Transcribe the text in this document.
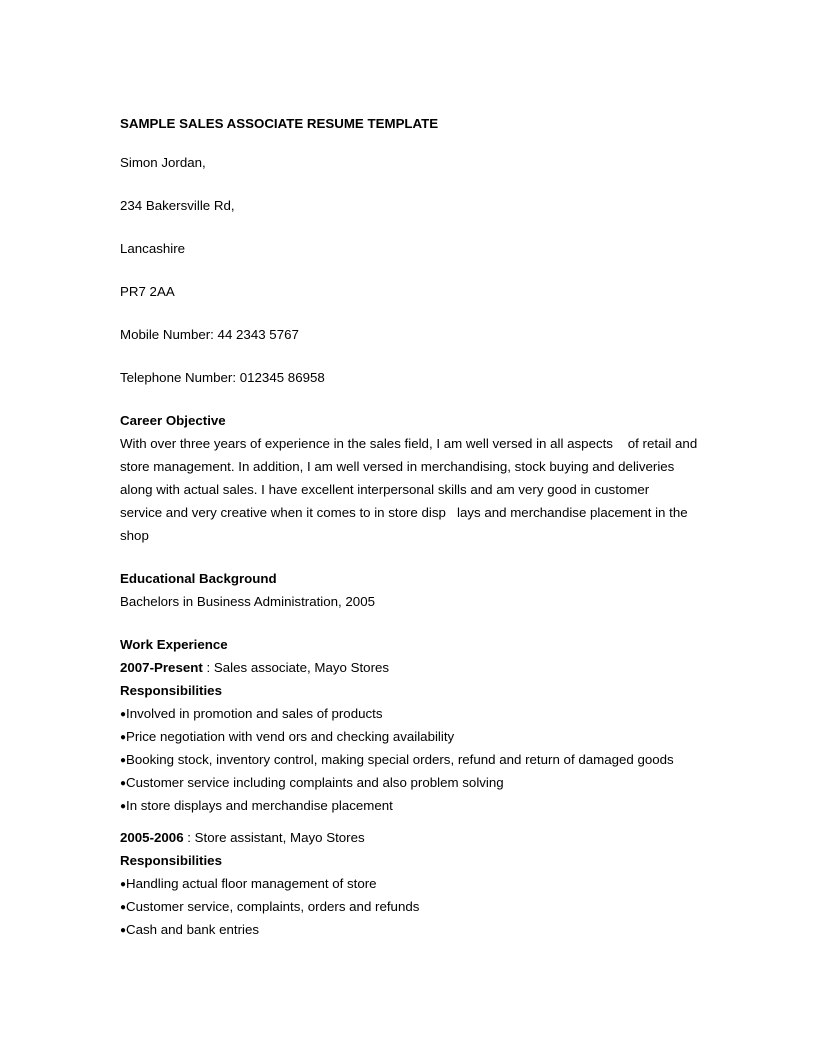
SAMPLE SALES ASSOCIATE RESUME TEMPLATE
Simon Jordan,
234 Bakersville Rd,
Lancashire
PR7 2AA
Mobile Number: 44 2343 5767
Telephone Number: 012345 86958
Career Objective
With over three years of experience in the sales field, I am well versed in all aspects    of retail and
store management. In addition, I am well versed in merchandising, stock buying and deliveries
along with actual sales. I have excellent interpersonal skills and am very good in customer
service and very creative when it comes to in store disp   lays and merchandise placement in the
shop
Educational Background
Bachelors in Business Administration, 2005
Work Experience
2007-Present : Sales associate, Mayo Stores
Responsibilities
●Involved in promotion and sales of products
●Price negotiation with vend ors and checking availability
●Booking stock, inventory control, making special orders, refund and return of damaged goods
●Customer service including complaints and also problem solving
●In store displays and merchandise placement
2005-2006 : Store assistant, Mayo Stores
Responsibilities
●Handling actual floor management of store
●Customer service, complaints, orders and refunds
●Cash and bank entries
